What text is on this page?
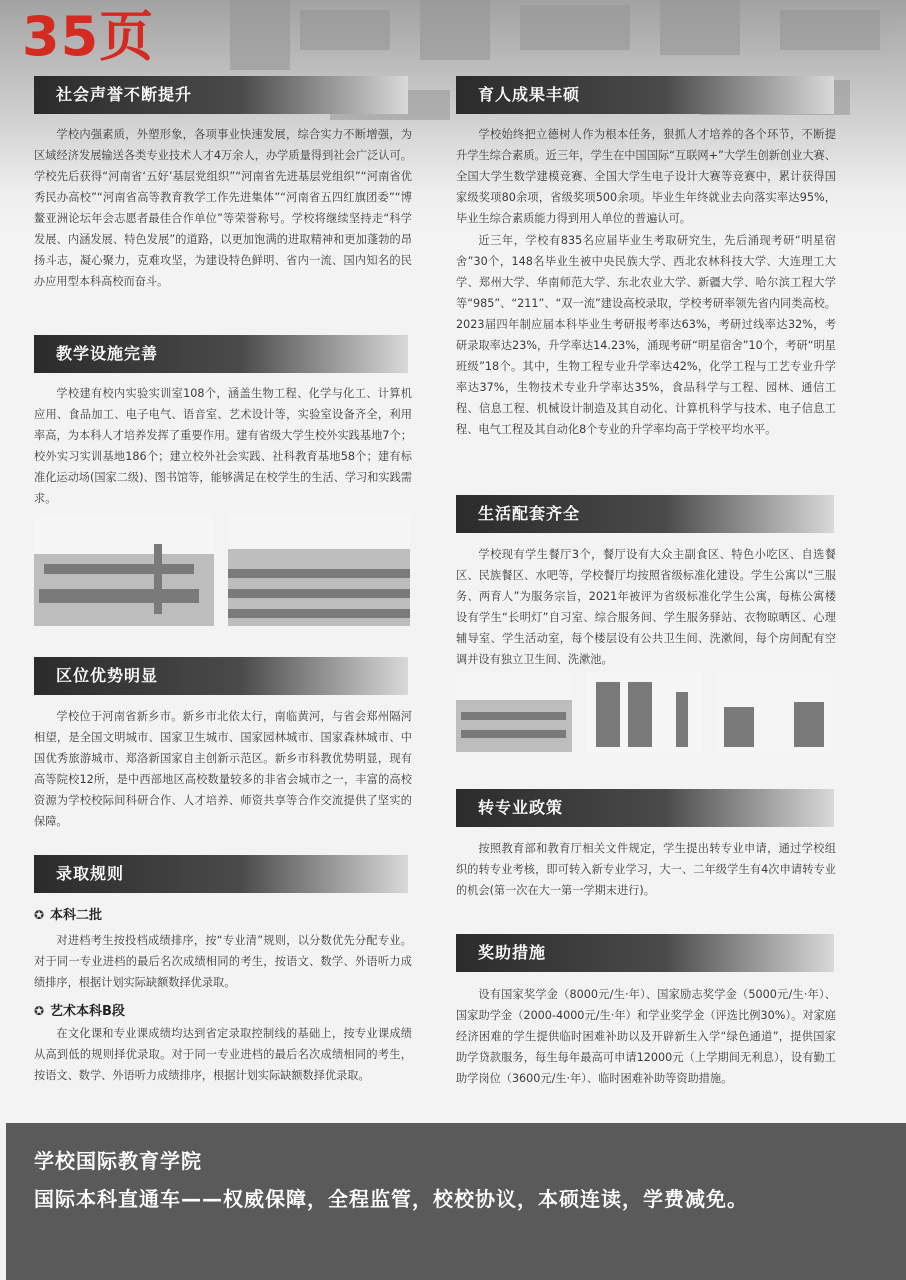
35页
社会声誉不断提升

学校内强素质，外塑形象，各项事业快速发展，综合实力不断增强，为区域经济发展输送各类专业技术人才4万余人，办学质量得到社会广泛认可。学校先后获得“河南省‘五好’基层党组织”“河南省先进基层党组织”“河南省优秀民办高校”“河南省高等教育教学工作先进集体”“河南省五四红旗团委”“博鳌亚洲论坛年会志愿者最佳合作单位”等荣誉称号。学校将继续坚持走“科学发展、内涵发展、特色发展”的道路，以更加饱满的进取精神和更加蓬勃的昂扬斗志，凝心聚力，克难攻坚，为建设特色鲜明、省内一流、国内知名的民办应用型本科高校而奋斗。

教学设施完善

学校建有校内实验实训室108个，涵盖生物工程、化学与化工、计算机应用、食品加工、电子电气、语音室、艺术设计等，实验室设备齐全，利用率高，为本科人才培养发挥了重要作用。建有省级大学生校外实践基地7个；校外实习实训基地186个；建立校外社会实践、社科教育基地58个；建有标准化运动场(国家二级)、图书馆等，能够满足在校学生的生活、学习和实践需求。

区位优势明显

学校位于河南省新乡市。新乡市北依太行，南临黄河，与省会郑州隔河相望，是全国文明城市、国家卫生城市、国家园林城市、国家森林城市、中国优秀旅游城市、郑洛新国家自主创新示范区。新乡市科教优势明显，现有高等院校12所，是中西部地区高校数量较多的非省会城市之一，丰富的高校资源为学校校际间科研合作、人才培养、师资共享等合作交流提供了坚实的保障。

录取规则
✪ 本科二批

对进档考生按投档成绩排序，按“专业清”规则，以分数优先分配专业。对于同一专业进档的最后名次成绩相同的考生，按语文、数学、外语听力成绩排序，根据计划实际缺额数择优录取。

✪ 艺术本科B段

在文化课和专业课成绩均达到省定录取控制线的基础上，按专业课成绩从高到低的规则择优录取。对于同一专业进档的最后名次成绩相同的考生，按语文、数学、外语听力成绩排序，根据计划实际缺额数择优录取。

育人成果丰硕

学校始终把立德树人作为根本任务，狠抓人才培养的各个环节，不断提升学生综合素质。近三年，学生在中国国际“互联网+”大学生创新创业大赛、全国大学生数学建模竞赛、全国大学生电子设计大赛等竞赛中，累计获得国家级奖项80余项，省级奖项500余项。毕业生年终就业去向落实率达95%，毕业生综合素质能力得到用人单位的普遍认可。

近三年，学校有835名应届毕业生考取研究生，先后涌现考研“明星宿舍”30个，148名毕业生被中央民族大学、西北农林科技大学、大连理工大学、郑州大学、华南师范大学、东北农业大学、新疆大学、哈尔滨工程大学等“985”、“211”、“双一流”建设高校录取，学校考研率领先省内同类高校。2023届四年制应届本科毕业生考研报考率达63%，考研过线率达32%，考研录取率达23%，升学率达14.23%，涌现考研“明星宿舍”10个，考研“明星班级”18个。其中，生物工程专业升学率达42%，化学工程与工艺专业升学率达37%，生物技术专业升学率达35%，食品科学与工程、园林、通信工程、信息工程、机械设计制造及其自动化、计算机科学与技术、电子信息工程、电气工程及其自动化8个专业的升学率均高于学校平均水平。

生活配套齐全

学校现有学生餐厅3个，餐厅设有大众主副食区、特色小吃区、自选餐区、民族餐区、水吧等，学校餐厅均按照省级标准化建设。学生公寓以“三服务、两育人”为服务宗旨，2021年被评为省级标准化学生公寓，每栋公寓楼设有学生“长明灯”自习室、综合服务间、学生服务驿站、衣物晾晒区、心理辅导室、学生活动室，每个楼层设有公共卫生间、洗漱间，每个房间配有空调并设有独立卫生间、洗漱池。

转专业政策

按照教育部和教育厅相关文件规定，学生提出转专业申请，通过学校组织的转专业考核，即可转入新专业学习，大一、二年级学生有4次申请转专业的机会(第一次在大一第一学期末进行)。

奖助措施

设有国家奖学金（8000元/生·年）、国家励志奖学金（5000元/生·年）、国家助学金（2000-4000元/生·年）和学业奖学金（评选比例30%）。对家庭经济困难的学生提供临时困难补助以及开辟新生入学“绿色通道”，提供国家助学贷款服务，每生每年最高可申请12000元（上学期间无利息），设有勤工助学岗位（3600元/生·年）、临时困难补助等资助措施。

学校国际教育学院
国际本科直通车——权威保障，全程监管，校校协议，本硕连读，学费减免。
